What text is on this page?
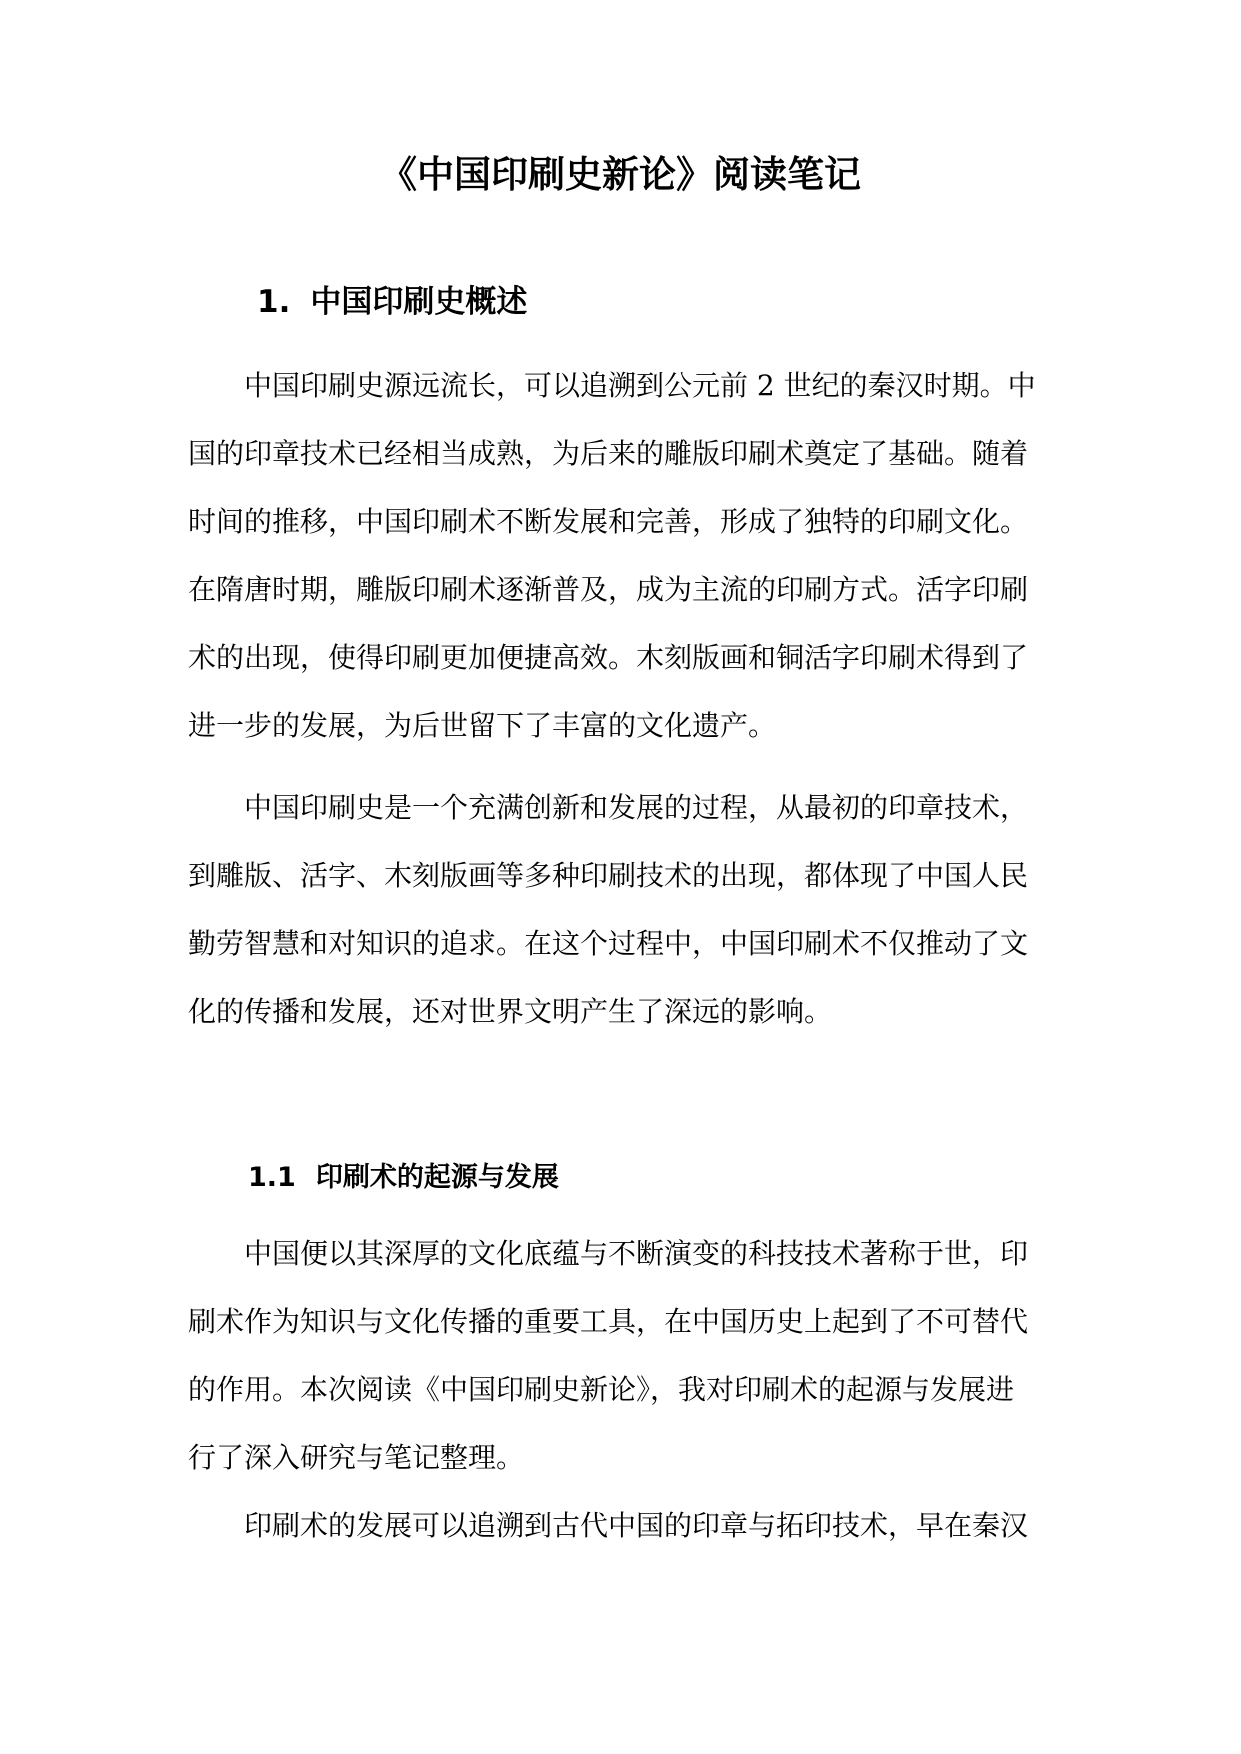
《中国印刷史新论》阅读笔记
1. 中国印刷史概述

中国印刷史源远流长，可以追溯到公元前 2 世纪的秦汉时期。中
国的印章技术已经相当成熟，为后来的雕版印刷术奠定了基础。随着
时间的推移，中国印刷术不断发展和完善，形成了独特的印刷文化。
在隋唐时期，雕版印刷术逐渐普及，成为主流的印刷方式。活字印刷
术的出现，使得印刷更加便捷高效。木刻版画和铜活字印刷术得到了
进一步的发展，为后世留下了丰富的文化遗产。

中国印刷史是一个充满创新和发展的过程，从最初的印章技术，
到雕版、活字、木刻版画等多种印刷技术的出现，都体现了中国人民
勤劳智慧和对知识的追求。在这个过程中，中国印刷术不仅推动了文
化的传播和发展，还对世界文明产生了深远的影响。

1.1 印刷术的起源与发展

中国便以其深厚的文化底蕴与不断演变的科技技术著称于世，印
刷术作为知识与文化传播的重要工具，在中国历史上起到了不可替代
的作用。本次阅读《中国印刷史新论》，我对印刷术的起源与发展进
行了深入研究与笔记整理。

印刷术的发展可以追溯到古代中国的印章与拓印技术，早在秦汉
